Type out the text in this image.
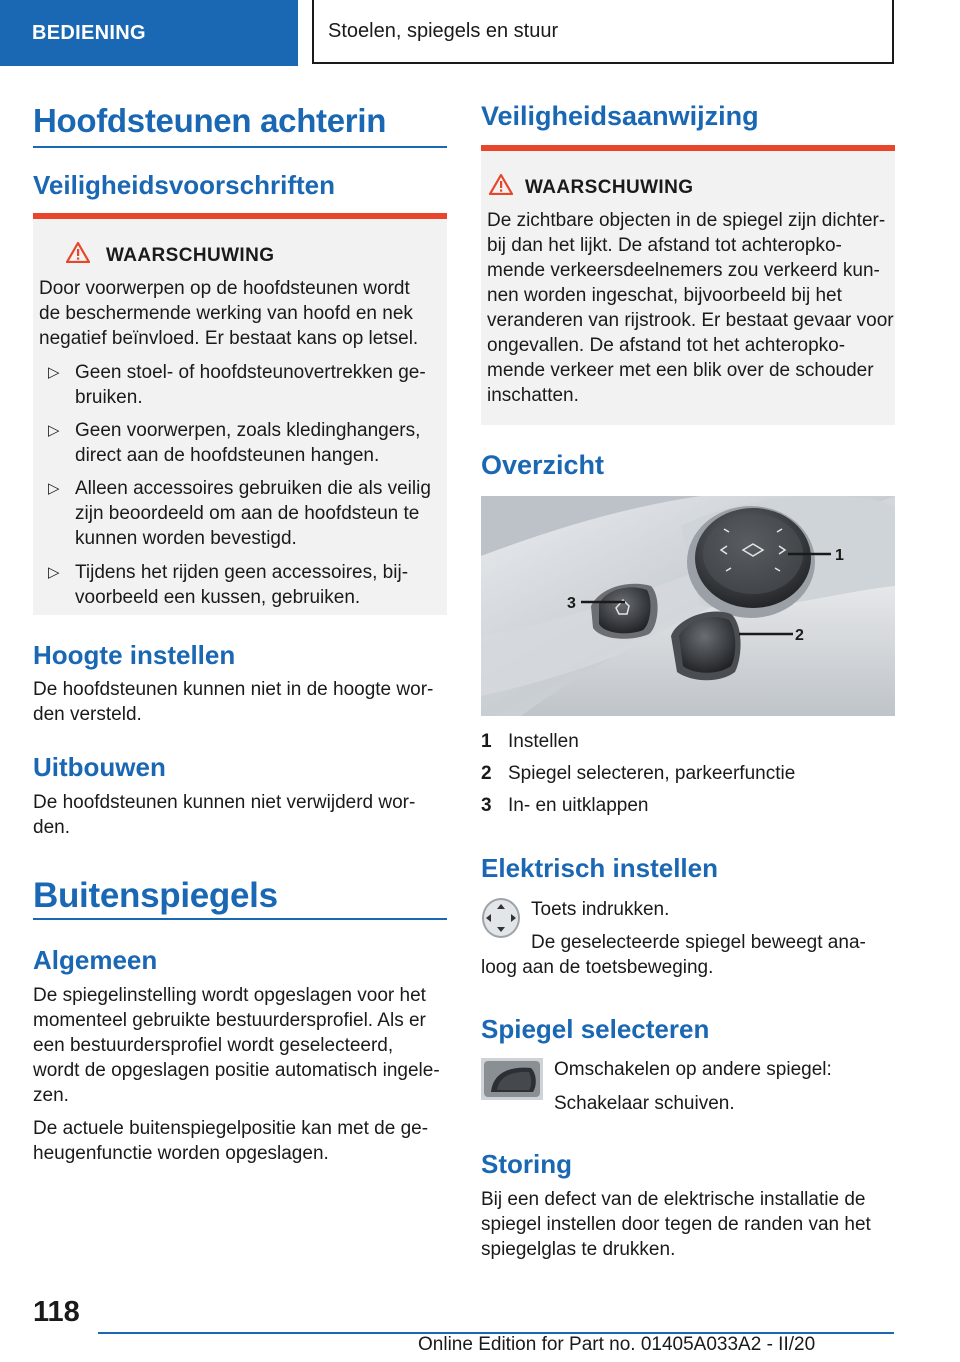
BEDIENING	Stoelen, spiegels en stuur
Hoofdsteunen achterin
Veiligheidsvoorschriften
WAARSCHUWING
Door voorwerpen op de hoofdsteunen wordt
de beschermende werking van hoofd en nek
negatief beïnvloed. Er bestaat kans op letsel.
▷ Geen stoel- of hoofdsteunovertrekken ge-
bruiken.
▷ Geen voorwerpen, zoals kledinghangers,
direct aan de hoofdsteunen hangen.
▷ Alleen accessoires gebruiken die als veilig
zijn beoordeeld om aan de hoofdsteun te
kunnen worden bevestigd.
▷ Tijdens het rijden geen accessoires, bij-
voorbeeld een kussen, gebruiken.
Hoogte instellen
De hoofdsteunen kunnen niet in de hoogte wor-
den versteld.
Uitbouwen
De hoofdsteunen kunnen niet verwijderd wor-
den.
Buitenspiegels
Algemeen
De spiegelinstelling wordt opgeslagen voor het
momenteel gebruikte bestuurdersprofiel. Als er
een bestuurdersprofiel wordt geselecteerd,
wordt de opgeslagen positie automatisch ingele-
zen.
De actuele buitenspiegelpositie kan met de ge-
heugenfunctie worden opgeslagen.
Veiligheidsaanwijzing
WAARSCHUWING
De zichtbare objecten in de spiegel zijn dichter-
bij dan het lijkt. De afstand tot achteropko-
mende verkeersdeelnemers zou verkeerd kun-
nen worden ingeschat, bijvoorbeeld bij het
veranderen van rijstrook. Er bestaat gevaar voor
ongevallen. De afstand tot het achteropko-
mende verkeer met een blik over de schouder
inschatten.
Overzicht
1
2
3
1 Instellen
2 Spiegel selecteren, parkeerfunctie
3 In- en uitklappen
Elektrisch instellen
Toets indrukken.
De geselecteerde spiegel beweegt ana-
loog aan de toetsbeweging.
Spiegel selecteren
Omschakelen op andere spiegel:
Schakelaar schuiven.
Storing
Bij een defect van de elektrische installatie de
spiegel instellen door tegen de randen van het
spiegelglas te drukken.
118
Online Edition for Part no. 01405A033A2 - II/20
